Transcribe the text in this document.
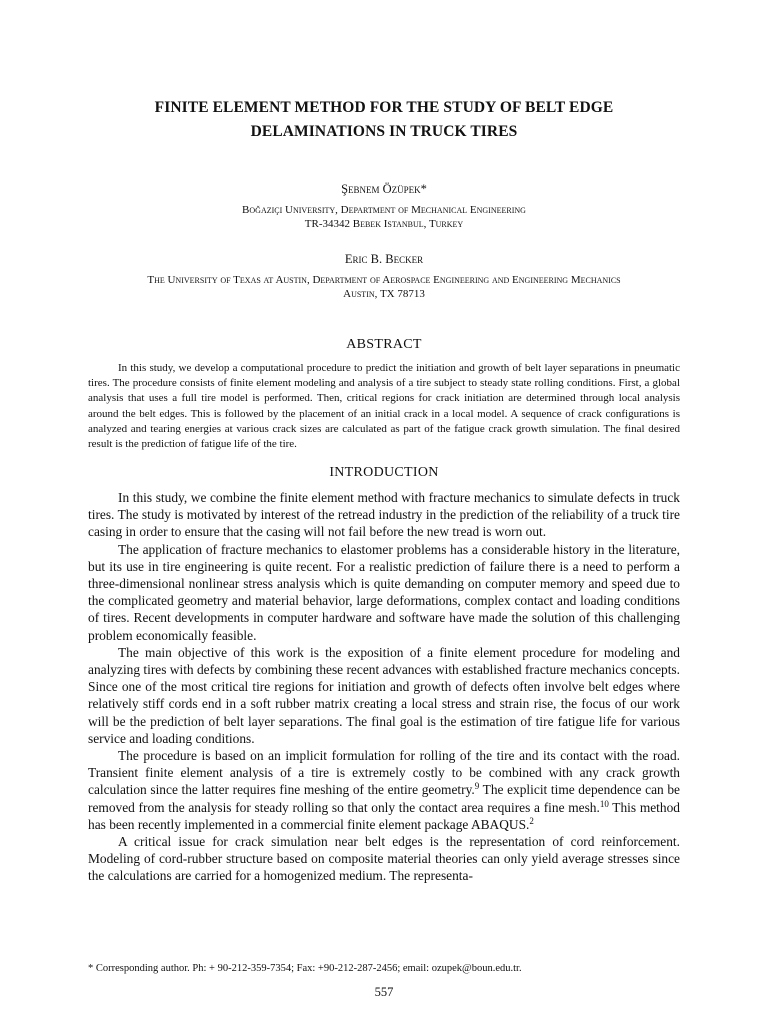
FINITE ELEMENT METHOD FOR THE STUDY OF BELT EDGE
DELAMINATIONS IN TRUCK TIRES
Şebnem Özüpek*
Boğaziçi University, Department of Mechanical Engineering
TR-34342 Bebek Istanbul, Turkey
Eric B. Becker
The University of Texas at Austin, Department of Aerospace Engineering and Engineering Mechanics
Austin, TX 78713
ABSTRACT
In this study, we develop a computational procedure to predict the initiation and growth of belt layer separations in pneumatic tires. The procedure consists of finite element modeling and analysis of a tire subject to steady state rolling conditions. First, a global analysis that uses a full tire model is performed. Then, critical regions for crack initiation are determined through local analysis around the belt edges. This is followed by the placement of an initial crack in a local model. A sequence of crack configurations is analyzed and tearing energies at various crack sizes are calculated as part of the fatigue crack growth simulation. The final desired result is the prediction of fatigue life of the tire.
INTRODUCTION

In this study, we combine the finite element method with fracture mechanics to simulate defects in truck tires. The study is motivated by interest of the retread industry in the prediction of the reliability of a truck tire casing in order to ensure that the casing will not fail before the new tread is worn out.

The application of fracture mechanics to elastomer problems has a considerable history in the literature, but its use in tire engineering is quite recent. For a realistic prediction of failure there is a need to perform a three-dimensional nonlinear stress analysis which is quite demanding on computer memory and speed due to the complicated geometry and material behavior, large deformations, complex contact and loading conditions of tires. Recent developments in computer hardware and software have made the solution of this challenging problem economically feasible.

The main objective of this work is the exposition of a finite element procedure for modeling and analyzing tires with defects by combining these recent advances with established fracture mechanics concepts. Since one of the most critical tire regions for initiation and growth of defects often involve belt edges where relatively stiff cords end in a soft rubber matrix creating a local stress and strain rise, the focus of our work will be the prediction of belt layer separations. The final goal is the estimation of tire fatigue life for various service and loading conditions.

The procedure is based on an implicit formulation for rolling of the tire and its contact with the road. Transient finite element analysis of a tire is extremely costly to be combined with any crack growth calculation since the latter requires fine meshing of the entire geometry.$^9$ The explicit time dependence can be removed from the analysis for steady rolling so that only the contact area requires a fine mesh.$^{10}$ This method has been recently implemented in a commercial finite element package ABAQUS.$^2$

A critical issue for crack simulation near belt edges is the representation of cord reinforcement. Modeling of cord-rubber structure based on composite material theories can only yield average stresses since the calculations are carried for a homogenized medium. The representa-

* Corresponding author. Ph: + 90-212-359-7354; Fax: +90-212-287-2456; email: ozupek@boun.edu.tr.
557
